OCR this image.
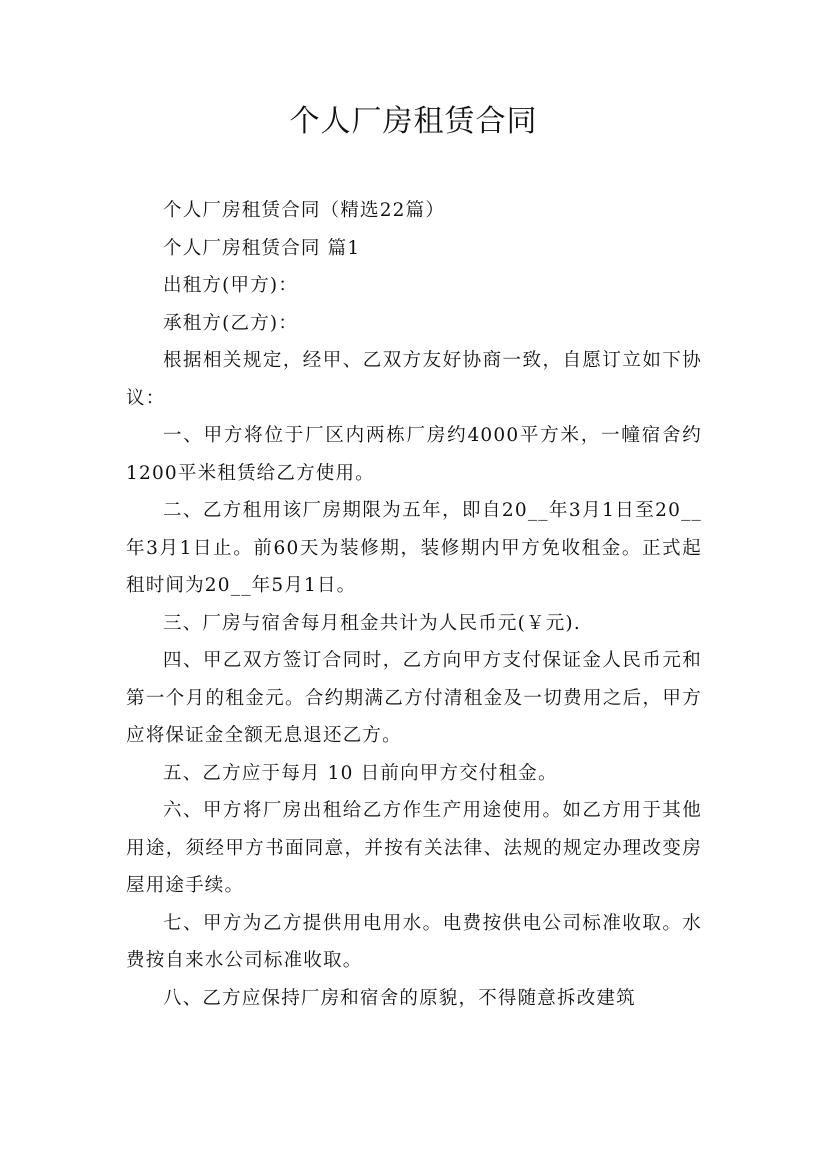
个人厂房租赁合同

个人厂房租赁合同（精选22篇）

个人厂房租赁合同 篇1

出租方(甲方)：

承租方(乙方)：

根据相关规定，经甲、乙双方友好协商一致，自愿订立如下协议：

一、甲方将位于厂区内两栋厂房约4000平方米，一幢宿舍约1200平米租赁给乙方使用。

二、乙方租用该厂房期限为五年，即自20__年3月1日至20__年3月1日止。前60天为装修期，装修期内甲方免收租金。正式起租时间为20__年5月1日。

三、厂房与宿舍每月租金共计为人民币元(￥元).

四、甲乙双方签订合同时，乙方向甲方支付保证金人民币元和第一个月的租金元。合约期满乙方付清租金及一切费用之后，甲方应将保证金全额无息退还乙方。

五、乙方应于每月 10 日前向甲方交付租金。

六、甲方将厂房出租给乙方作生产用途使用。如乙方用于其他用途，须经甲方书面同意，并按有关法律、法规的规定办理改变房屋用途手续。

七、甲方为乙方提供用电用水。电费按供电公司标准收取。水费按自来水公司标准收取。

八、乙方应保持厂房和宿舍的原貌，不得随意拆改建筑
